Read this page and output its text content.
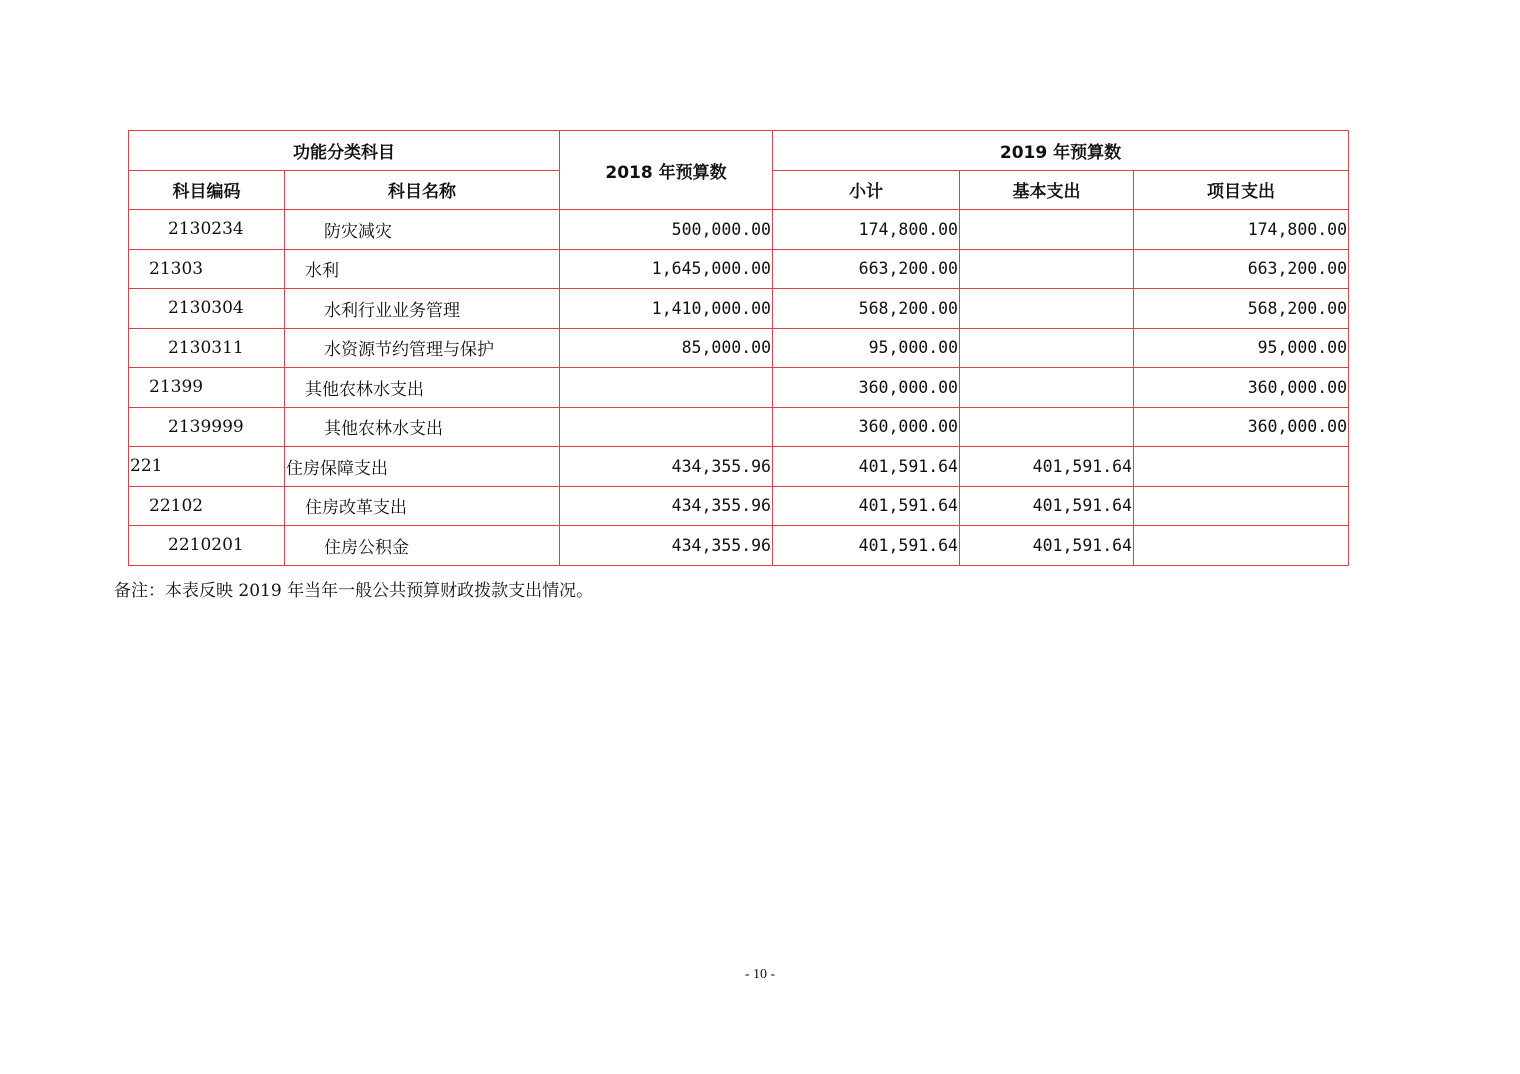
功能分类科目		2018 年预算数	2019 年预算数		
科目编码	科目名称		小计	基本支出	项目支出
2130234	防灾减灾	500,000.00	174,800.00		174,800.00
21303	水利	1,645,000.00	663,200.00		663,200.00
2130304	水利行业业务管理	1,410,000.00	568,200.00		568,200.00
2130311	水资源节约管理与保护	85,000.00	95,000.00		95,000.00
21399	其他农林水支出		360,000.00		360,000.00
2139999	其他农林水支出		360,000.00		360,000.00
221	住房保障支出	434,355.96	401,591.64	401,591.64	
22102	住房改革支出	434,355.96	401,591.64	401,591.64	
2210201	住房公积金	434,355.96	401,591.64	401,591.64	
备注：本表反映 2019 年当年一般公共预算财政拨款支出情况。
- 10 -
